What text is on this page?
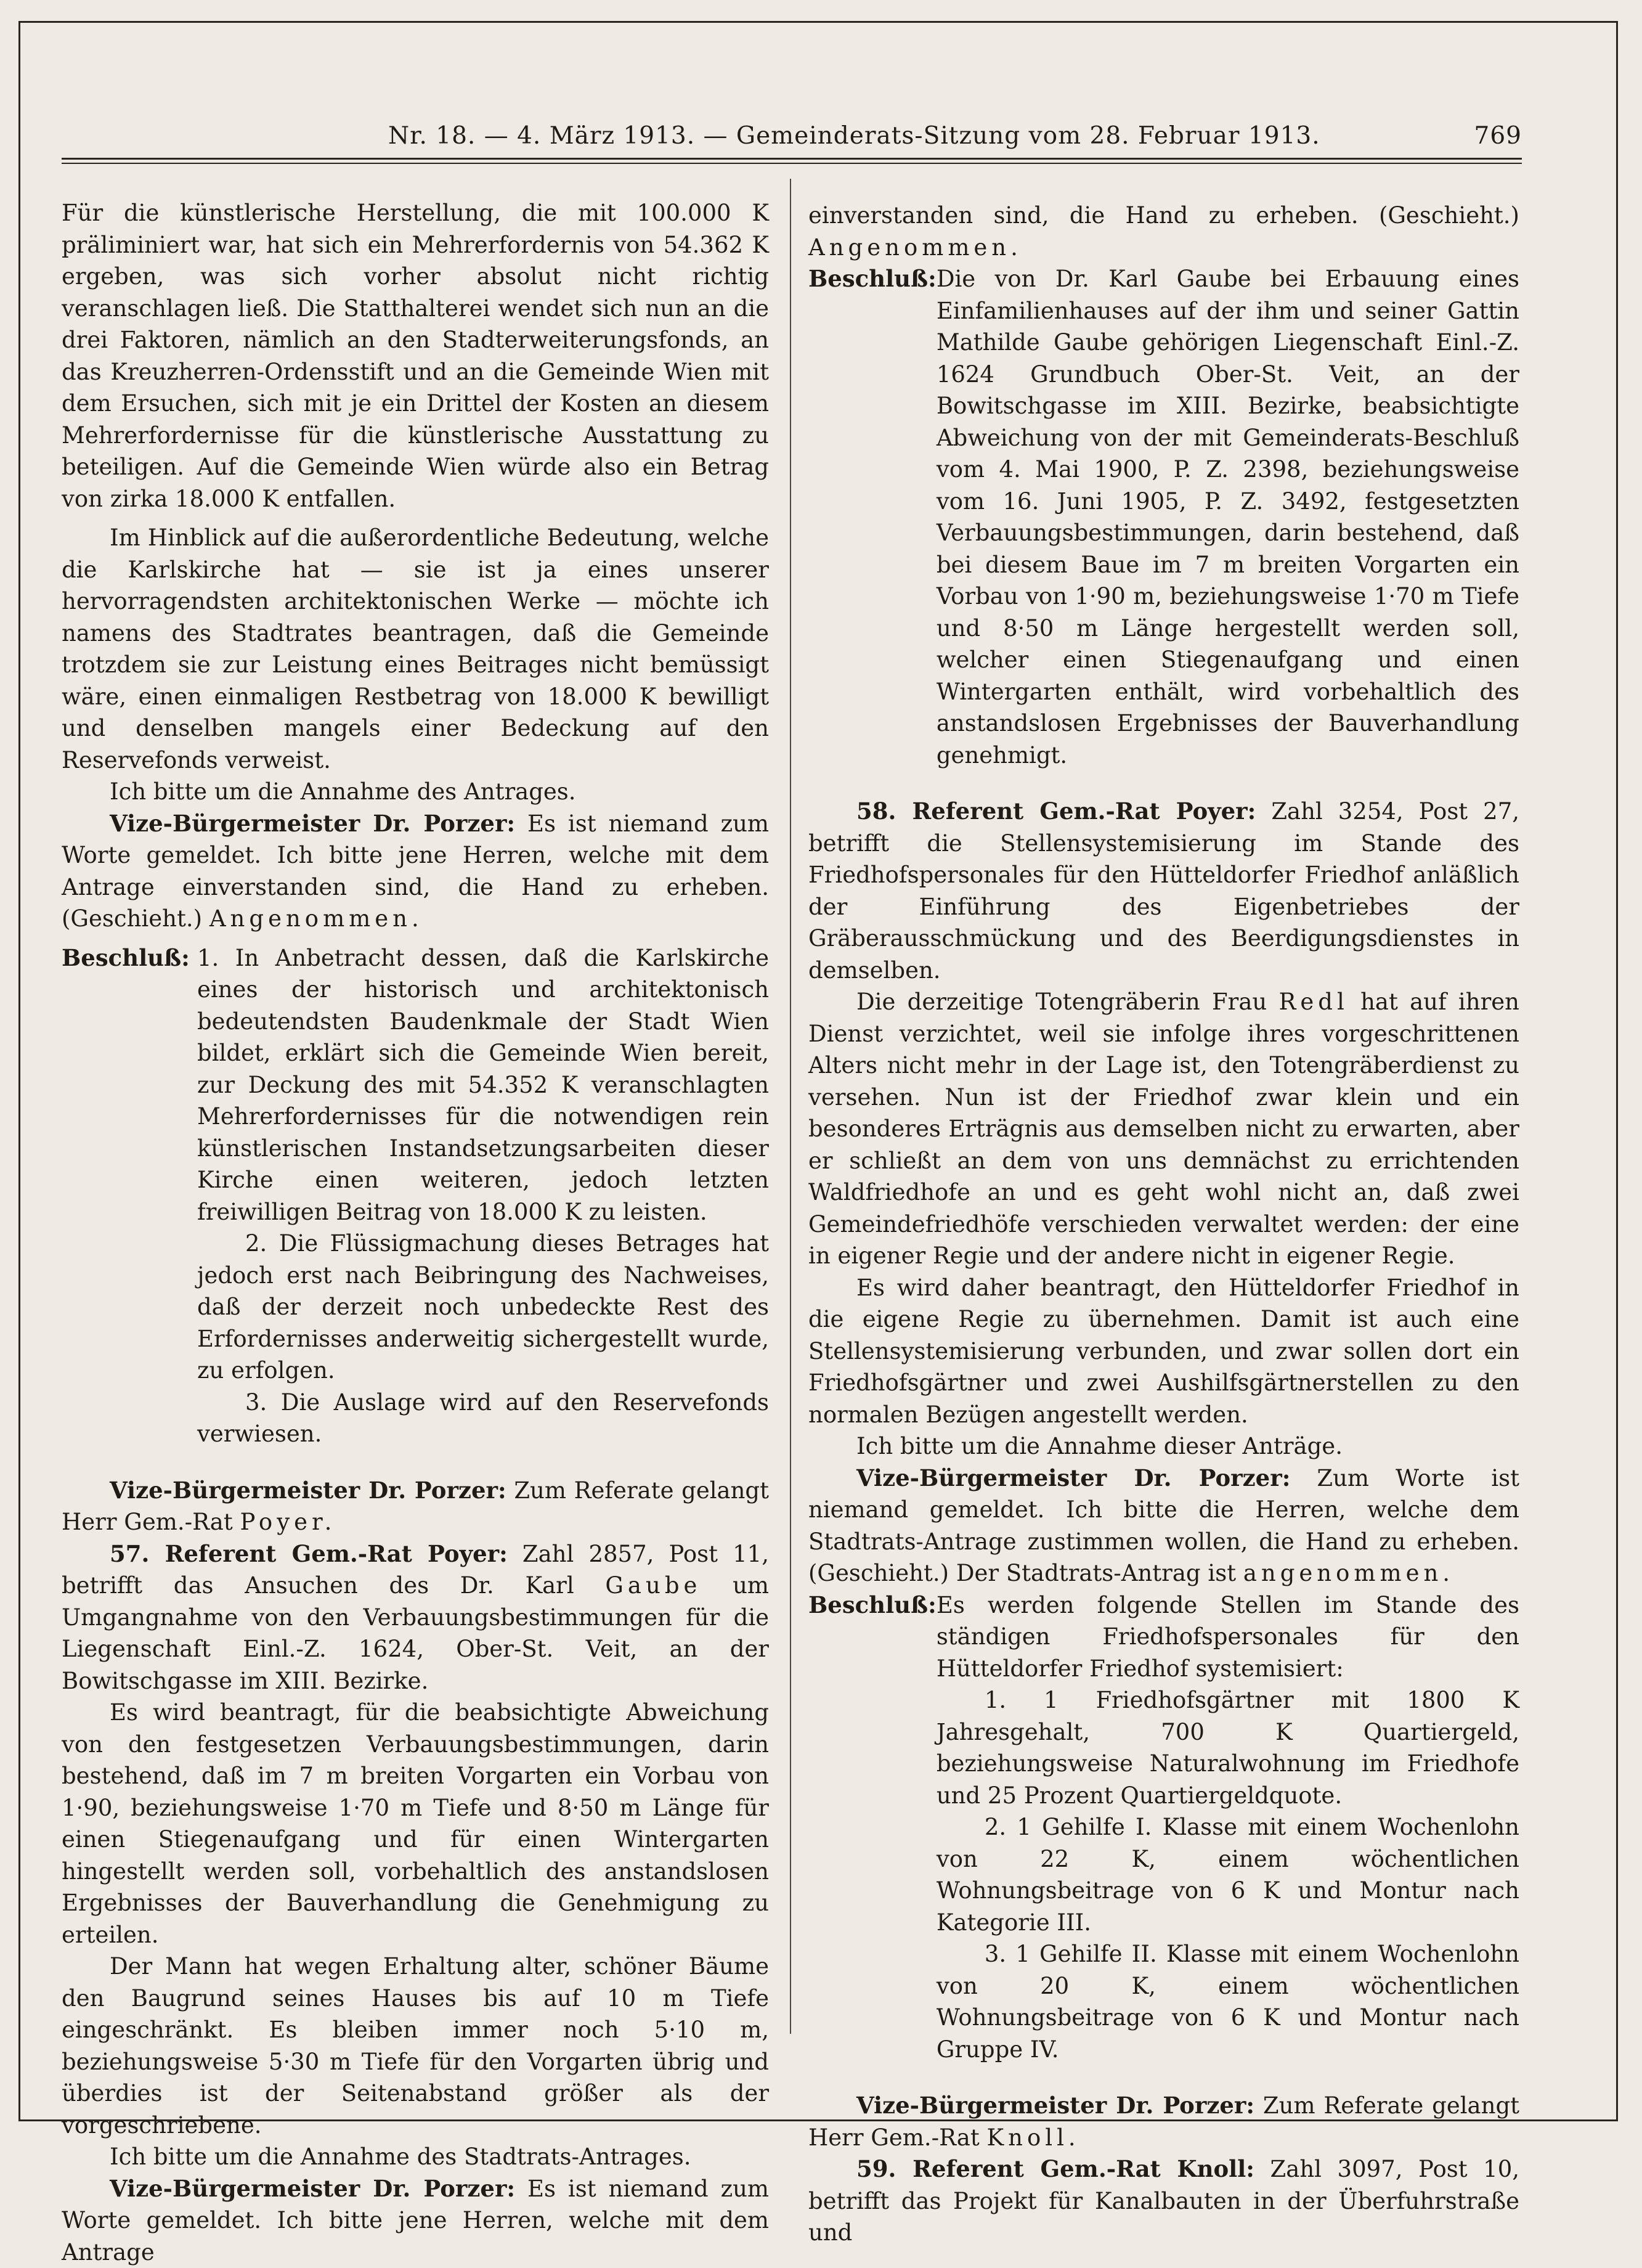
Nr. 18. — 4. März 1913. — Gemeinderats-Sitzung vom 28. Februar 1913.	769

Für die künstlerische Herstellung, die mit 100.000 K präliminiert war, hat sich ein Mehrerfordernis von 54.362 K ergeben, was sich vorher absolut nicht richtig veranschlagen ließ. Die Statthalterei wendet sich nun an die drei Faktoren, nämlich an den Stadterweiterungsfonds, an das Kreuzherren-Ordensstift und an die Gemeinde Wien mit dem Ersuchen, sich mit je ein Drittel der Kosten an diesem Mehrerfordernisse für die künstlerische Ausstattung zu beteiligen. Auf die Gemeinde Wien würde also ein Betrag von zirka 18.000 K entfallen.

Im Hinblick auf die außerordentliche Bedeutung, welche die Karlskirche hat — sie ist ja eines unserer hervorragendsten architektonischen Werke — möchte ich namens des Stadtrates beantragen, daß die Gemeinde trotzdem sie zur Leistung eines Beitrages nicht bemüssigt wäre, einen einmaligen Restbetrag von 18.000 K bewilligt und denselben mangels einer Bedeckung auf den Reservefonds verweist.

Ich bitte um die Annahme des Antrages.

Vize-Bürgermeister Dr. Porzer: Es ist niemand zum Worte gemeldet. Ich bitte jene Herren, welche mit dem Antrage einverstanden sind, die Hand zu erheben. (Geschieht.) Angenommen.

Beschluß: 1. In Anbetracht dessen, daß die Karlskirche eines der historisch und architektonisch bedeutendsten Baudenkmale der Stadt Wien bildet, erklärt sich die Gemeinde Wien bereit, zur Deckung des mit 54.352 K veranschlagten Mehrerfordernisses für die notwendigen rein künstlerischen Instandsetzungsarbeiten dieser Kirche einen weiteren, jedoch letzten freiwilligen Beitrag von 18.000 K zu leisten.

2. Die Flüssigmachung dieses Betrages hat jedoch erst nach Beibringung des Nachweises, daß der derzeit noch unbedeckte Rest des Erfordernisses anderweitig sichergestellt wurde, zu erfolgen.

3. Die Auslage wird auf den Reservefonds verwiesen.

Vize-Bürgermeister Dr. Porzer: Zum Referate gelangt Herr Gem.-Rat Poyer.

57. Referent Gem.-Rat Poyer: Zahl 2857, Post 11, betrifft das Ansuchen des Dr. Karl Gaube um Umgangnahme von den Verbauungsbestimmungen für die Liegenschaft Einl.-Z. 1624, Ober-St. Veit, an der Bowitschgasse im XIII. Bezirke.

Es wird beantragt, für die beabsichtigte Abweichung von den festgesetzen Verbauungsbestimmungen, darin bestehend, daß im 7 m breiten Vorgarten ein Vorbau von 1·90, beziehungsweise 1·70 m Tiefe und 8·50 m Länge für einen Stiegenaufgang und für einen Wintergarten hingestellt werden soll, vorbehaltlich des anstandslosen Ergebnisses der Bauverhandlung die Genehmigung zu erteilen.

Der Mann hat wegen Erhaltung alter, schöner Bäume den Baugrund seines Hauses bis auf 10 m Tiefe eingeschränkt. Es bleiben immer noch 5·10 m, beziehungsweise 5·30 m Tiefe für den Vorgarten übrig und überdies ist der Seitenabstand größer als der vorgeschriebene.

Ich bitte um die Annahme des Stadtrats-Antrages.

Vize-Bürgermeister Dr. Porzer: Es ist niemand zum Worte gemeldet. Ich bitte jene Herren, welche mit dem Antrage

einverstanden sind, die Hand zu erheben. (Geschieht.) Angenommen.

Beschluß: Die von Dr. Karl Gaube bei Erbauung eines Einfamilienhauses auf der ihm und seiner Gattin Mathilde Gaube gehörigen Liegenschaft Einl.-Z. 1624 Grundbuch Ober-St. Veit, an der Bowitschgasse im XIII. Bezirke, beabsichtigte Abweichung von der mit Gemeinderats-Beschluß vom 4. Mai 1900, P. Z. 2398, beziehungsweise vom 16. Juni 1905, P. Z. 3492, festgesetzten Verbauungsbestimmungen, darin bestehend, daß bei diesem Baue im 7 m breiten Vorgarten ein Vorbau von 1·90 m, beziehungsweise 1·70 m Tiefe und 8·50 m Länge hergestellt werden soll, welcher einen Stiegenaufgang und einen Wintergarten enthält, wird vorbehaltlich des anstandslosen Ergebnisses der Bauverhandlung genehmigt.

58. Referent Gem.-Rat Poyer: Zahl 3254, Post 27, betrifft die Stellensystemisierung im Stande des Friedhofspersonales für den Hütteldorfer Friedhof anläßlich der Einführung des Eigenbetriebes der Gräberausschmückung und des Beerdigungsdienstes in demselben.

Die derzeitige Totengräberin Frau Redl hat auf ihren Dienst verzichtet, weil sie infolge ihres vorgeschrittenen Alters nicht mehr in der Lage ist, den Totengräberdienst zu versehen. Nun ist der Friedhof zwar klein und ein besonderes Erträgnis aus demselben nicht zu erwarten, aber er schließt an dem von uns demnächst zu errichtenden Waldfriedhofe an und es geht wohl nicht an, daß zwei Gemeindefriedhöfe verschieden verwaltet werden: der eine in eigener Regie und der andere nicht in eigener Regie.

Es wird daher beantragt, den Hütteldorfer Friedhof in die eigene Regie zu übernehmen. Damit ist auch eine Stellensystemisierung verbunden, und zwar sollen dort ein Friedhofsgärtner und zwei Aushilfsgärtnerstellen zu den normalen Bezügen angestellt werden.

Ich bitte um die Annahme dieser Anträge.

Vize-Bürgermeister Dr. Porzer: Zum Worte ist niemand gemeldet. Ich bitte die Herren, welche dem Stadtrats-Antrage zustimmen wollen, die Hand zu erheben. (Geschieht.) Der Stadtrats-Antrag ist angenommen.

Beschluß: Es werden folgende Stellen im Stande des ständigen Friedhofspersonales für den Hütteldorfer Friedhof systemisiert:

1. 1 Friedhofsgärtner mit 1800 K Jahresgehalt, 700 K Quartiergeld, beziehungsweise Naturalwohnung im Friedhofe und 25 Prozent Quartiergeldquote.

2. 1 Gehilfe I. Klasse mit einem Wochenlohn von 22 K, einem wöchentlichen Wohnungsbeitrage von 6 K und Montur nach Kategorie III.

3. 1 Gehilfe II. Klasse mit einem Wochenlohn von 20 K, einem wöchentlichen Wohnungsbeitrage von 6 K und Montur nach Gruppe IV.

Vize-Bürgermeister Dr. Porzer: Zum Referate gelangt Herr Gem.-Rat Knoll.

59. Referent Gem.-Rat Knoll: Zahl 3097, Post 10, betrifft das Projekt für Kanalbauten in der Überfuhrstraße und
